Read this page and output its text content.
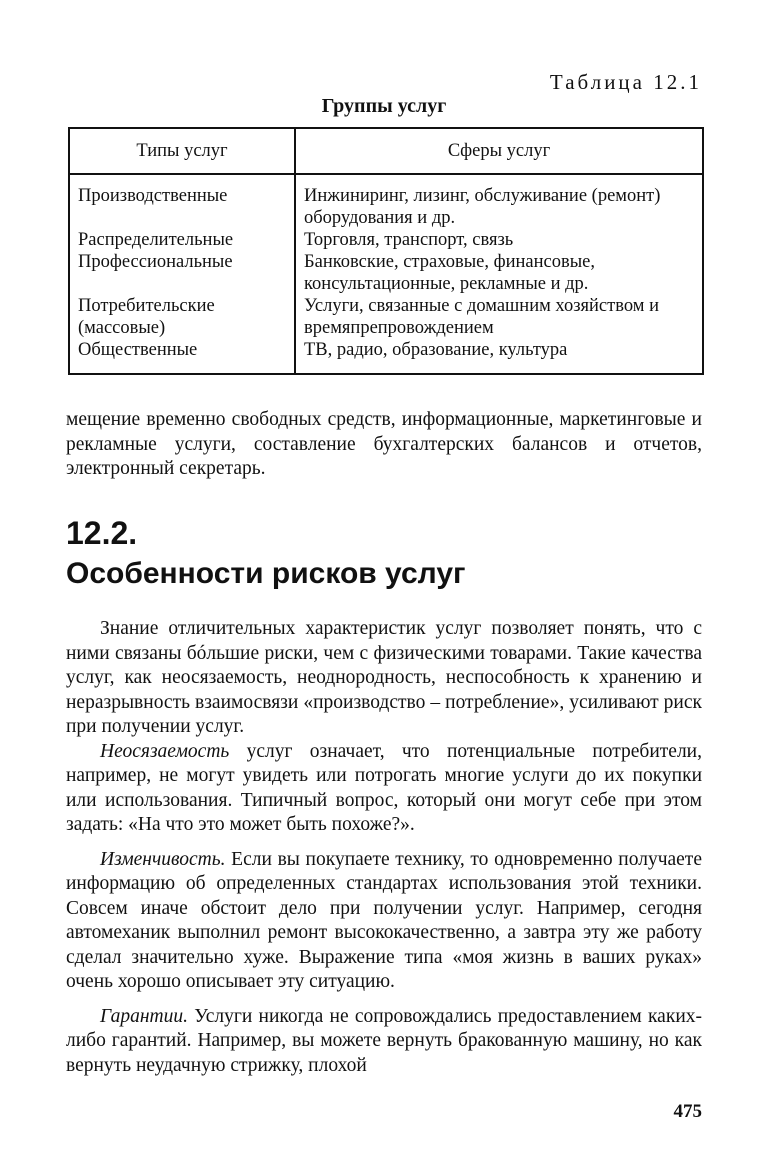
Таблица 12.1
Группы услуг
Типы услуг	Сферы услуг
Производственные	Инжиниринг, лизинг, обслуживание (ремонт) оборудования и др.
Распределительные	Торговля, транспорт, связь
Профессиональные	Банковские, страховые, финансовые, консультационные, рекламные и др.
Потребительские (массовые)	Услуги, связанные с домашним хозяйством и времяпрепровождением
Общественные	ТВ, радио, образование, культура

мещение временно свободных средств, информационные, маркетинговые и рекламные услуги, составление бухгалтерских балансов и отчетов, электронный секретарь.

12.2.
Особенности рисков услуг

Знание отличительных характеристик услуг позволяет понять, что с ними связаны бóльшие риски, чем с физическими товарами. Такие качества услуг, как неосязаемость, неоднородность, неспособность к хранению и неразрывность взаимосвязи «производство – потребление», усиливают риск при получении услуг.

Неосязаемость услуг означает, что потенциальные потребители, например, не могут увидеть или потрогать многие услуги до их покупки или использования. Типичный вопрос, который они могут себе при этом задать: «На что это может быть похоже?».

Изменчивость. Если вы покупаете технику, то одновременно получаете информацию об определенных стандартах использования этой техники. Совсем иначе обстоит дело при получении услуг. Например, сегодня автомеханик выполнил ремонт высококачественно, а завтра эту же работу сделал значительно хуже. Выражение типа «моя жизнь в ваших руках» очень хорошо описывает эту ситуацию.

Гарантии. Услуги никогда не сопровождались предоставлением каких-либо гарантий. Например, вы можете вернуть бракованную машину, но как вернуть неудачную стрижку, плохой

475
